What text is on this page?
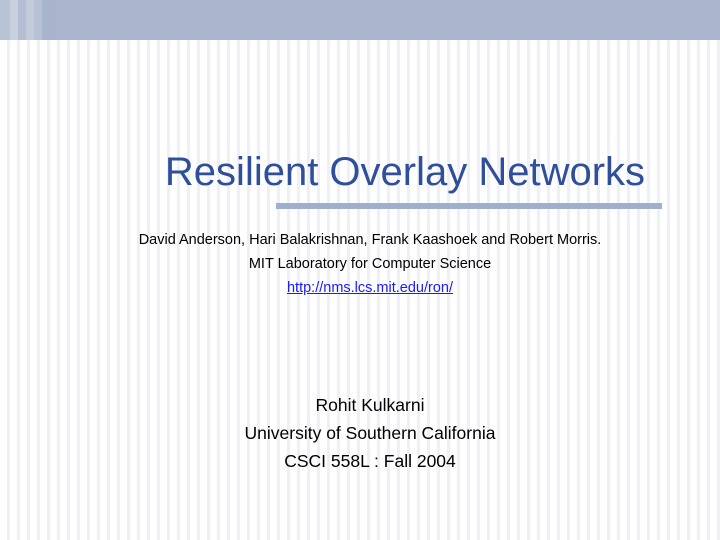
Resilient Overlay Networks
David Anderson, Hari Balakrishnan, Frank Kaashoek and Robert Morris.
MIT Laboratory for Computer Science
http://nms.lcs.mit.edu/ron/
Rohit Kulkarni
University of Southern California
CSCI 558L : Fall 2004
